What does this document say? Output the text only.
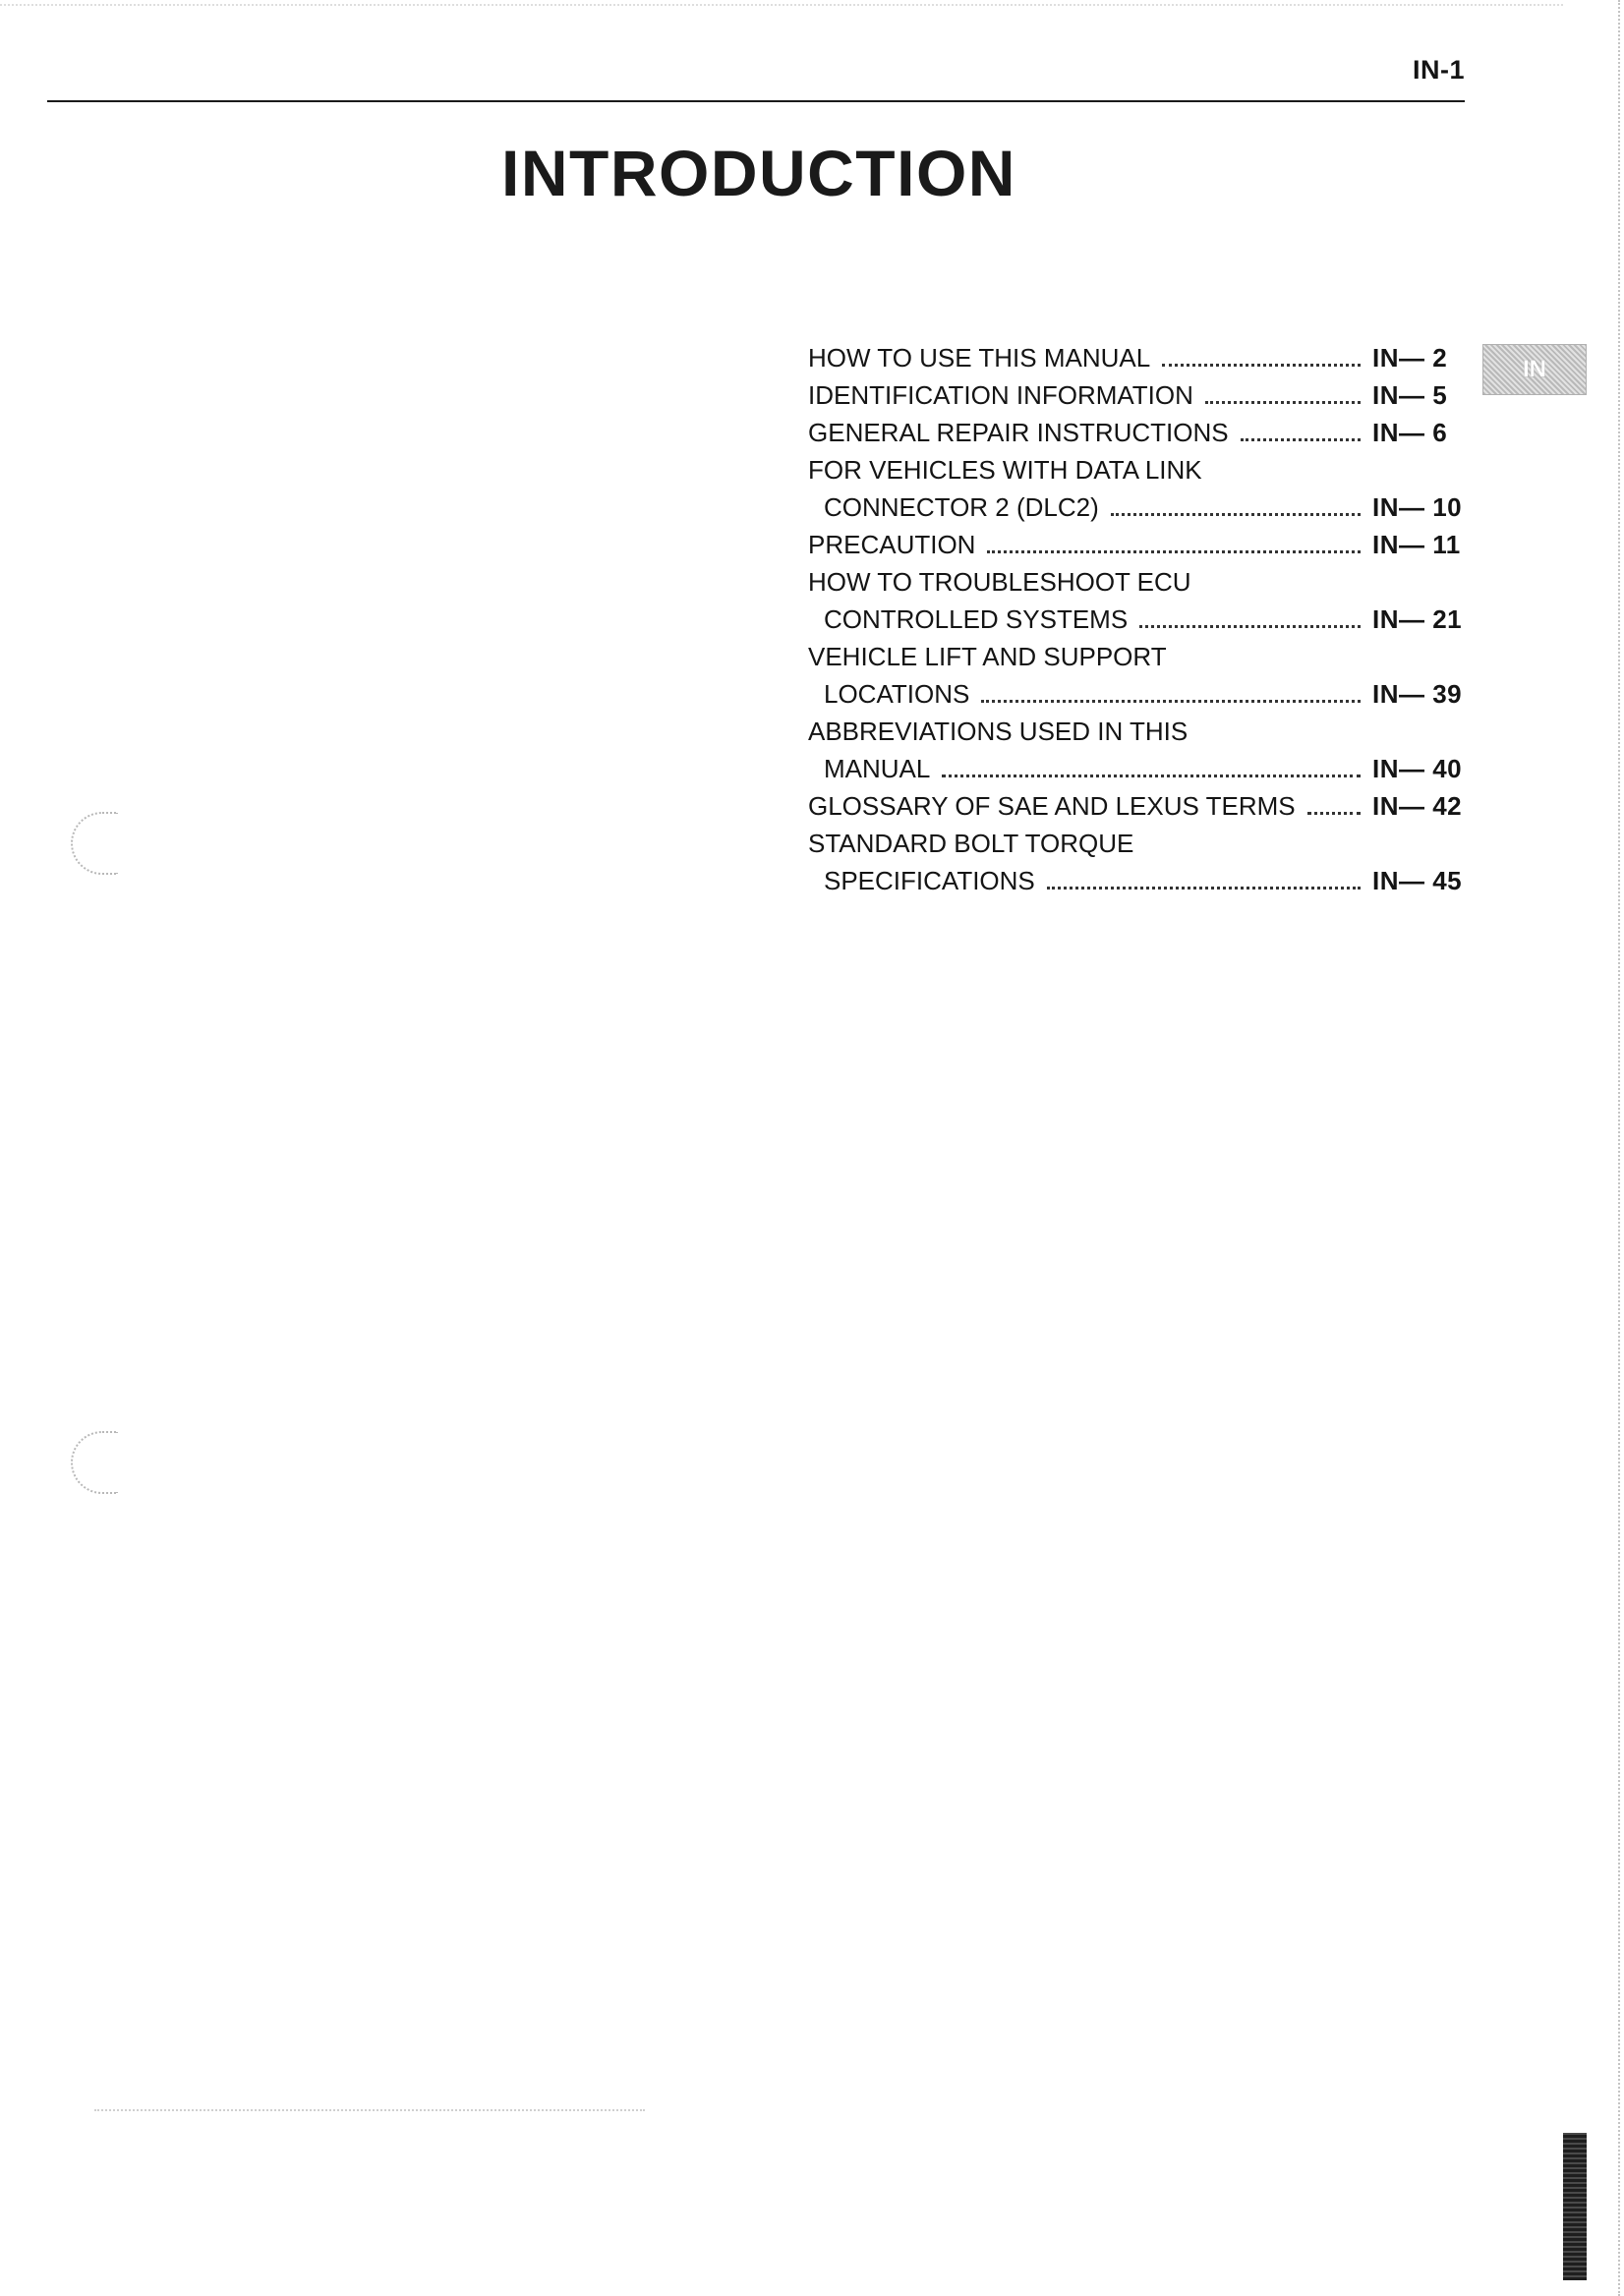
IN-1
INTRODUCTION
HOW TO USE THIS MANUAL	IN— 2
IDENTIFICATION INFORMATION	IN— 5
GENERAL REPAIR INSTRUCTIONS	IN— 6
FOR VEHICLES WITH DATA LINK
CONNECTOR 2 (DLC2)	IN— 10
PRECAUTION	IN— 11
HOW TO TROUBLESHOOT ECU
CONTROLLED SYSTEMS	IN— 21
VEHICLE LIFT AND SUPPORT
LOCATIONS	IN— 39
ABBREVIATIONS USED IN THIS
MANUAL	IN— 40
GLOSSARY OF SAE AND LEXUS TERMS	IN— 42
STANDARD BOLT TORQUE
SPECIFICATIONS	IN— 45
IN
